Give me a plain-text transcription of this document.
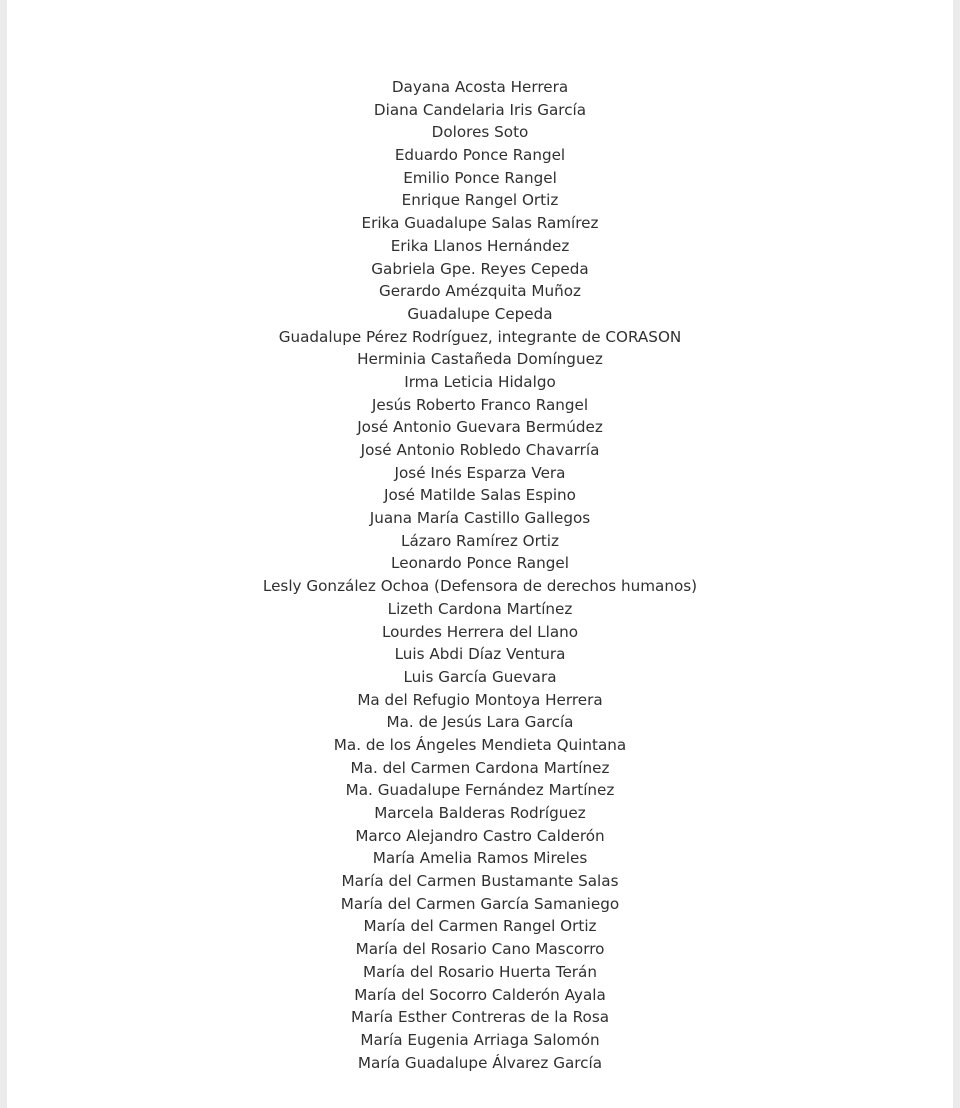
Dayana Acosta Herrera
Diana Candelaria Iris García
Dolores Soto
Eduardo Ponce Rangel
Emilio Ponce Rangel
Enrique Rangel Ortiz
Erika Guadalupe Salas Ramírez
Erika Llanos Hernández
Gabriela Gpe. Reyes Cepeda
Gerardo Amézquita Muñoz
Guadalupe Cepeda
Guadalupe Pérez Rodríguez, integrante de CORASON
Herminia Castañeda Domínguez
Irma Leticia Hidalgo
Jesús Roberto Franco Rangel
José Antonio Guevara Bermúdez
José Antonio Robledo Chavarría
José Inés Esparza Vera
José Matilde Salas Espino
Juana María Castillo Gallegos
Lázaro Ramírez Ortiz
Leonardo Ponce Rangel
Lesly González Ochoa (Defensora de derechos humanos)
Lizeth Cardona Martínez
Lourdes Herrera del Llano
Luis Abdi Díaz Ventura
Luis García Guevara
Ma del Refugio Montoya Herrera
Ma. de Jesús Lara García
Ma. de los Ángeles Mendieta Quintana
Ma. del Carmen Cardona Martínez
Ma. Guadalupe Fernández Martínez
Marcela Balderas Rodríguez
Marco Alejandro Castro Calderón
María Amelia Ramos Mireles
María del Carmen Bustamante Salas
María del Carmen García Samaniego
María del Carmen Rangel Ortiz
María del Rosario Cano Mascorro
María del Rosario Huerta Terán
María del Socorro Calderón Ayala
María Esther Contreras de la Rosa
María Eugenia Arriaga Salomón
María Guadalupe Álvarez García
